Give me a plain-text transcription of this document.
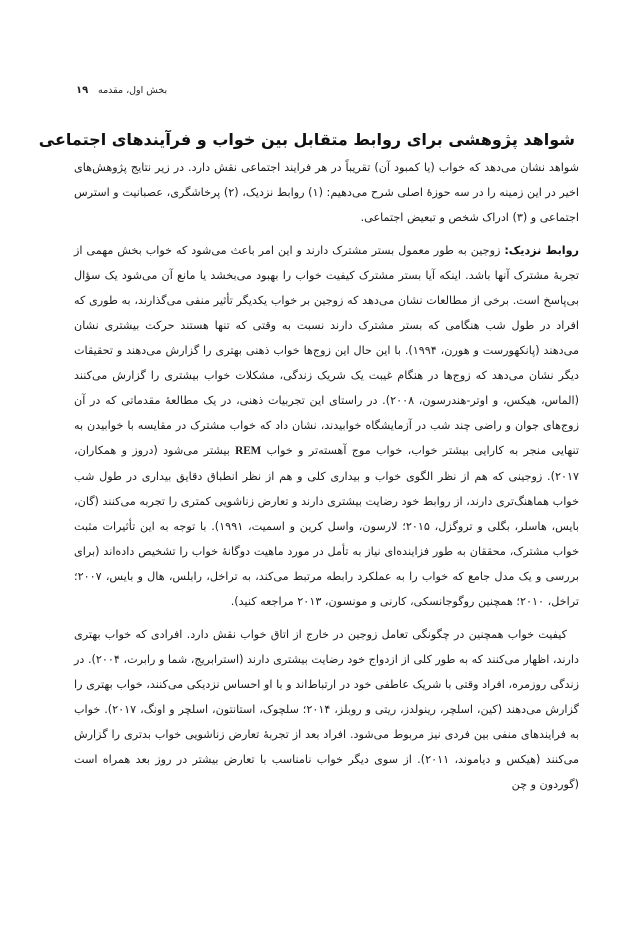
۱۹ بخش اول، مقدمه
شواهد پژوهشی برای روابط متقابل بین خواب و فرآیندهای اجتماعی

شواهد نشان می‌دهد که خواب (یا کمبود آن) تقریباً در هر فرایند اجتماعی نقش دارد. در زیر نتایج پژوهش‌های اخیر در این زمینه را در سه حوزهٔ اصلی شرح می‌دهیم: (۱) روابط نزدیک، (۲) پرخاشگری، عصبانیت و استرس اجتماعی و (۳) ادراک شخص و تبعیض اجتماعی.

روابط نزدیک: زوجین به طور معمول بستر مشترک دارند و این امر باعث می‌شود که خواب بخش مهمی از تجربهٔ مشترک آنها باشد. اینکه آیا بستر مشترک کیفیت خواب را بهبود می‌بخشد یا مانع آن می‌شود یک سؤال بی‌پاسخ است. برخی از مطالعات نشان می‌دهد که زوجین بر خواب یکدیگر تأثیر منفی می‌گذارند، به طوری که افراد در طول شب هنگامی که بستر مشترک دارند نسبت به وقتی که تنها هستند حرکت بیشتری نشان می‌دهند (پانکهورست و هورن، ۱۹۹۴). با این حال این زوج‌ها خواب ذهنی بهتری را گزارش می‌دهند و تحقیقات دیگر نشان می‌دهد که زوج‌ها در هنگام غیبت یک شریک زندگی، مشکلات خواب بیشتری را گزارش می‌کنند (الماس، هیکس، و اوتر-هندرسون، ۲۰۰۸). در راستای این تجربیات ذهنی، در یک مطالعهٔ مقدماتی که در آن زوج‌های جوان و راضی چند شب در آزمایشگاه خوابیدند، نشان داد که خواب مشترک در مقایسه با خوابیدن به تنهایی منجر به کارایی بیشتر خواب، خواب موج آهسته‌تر و خواب REM بیشتر می‌شود (دروز و همکاران، ۲۰۱۷). زوجینی که هم از نظر الگوی خواب و بیداری کلی و هم از نظر انطباق دقایق بیداری در طول شب خواب هماهنگ‌تری دارند، از روابط خود رضایت بیشتری دارند و تعارض زناشویی کمتری را تجربه می‌کنند (گان، بایس، هاسلر، بگلی و تروگزل، ۲۰۱۵؛ لارسون، واسل کرین و اسمیت، ۱۹۹۱). با توجه به این تأثیرات مثبت خواب مشترک، محققان به طور فزاینده‌ای نیاز به تأمل در مورد ماهیت دوگانهٔ خواب را تشخیص داده‌اند (برای بررسی و یک مدل جامع که خواب را به عملکرد رابطه مرتبط می‌کند، به تراخل، رابلس، هال و بایس، ۲۰۰۷؛ تراخل، ۲۰۱۰؛ همچنین روگوجانسکی، کارنی و مونسون، ۲۰۱۳ مراجعه کنید).

کیفیت خواب همچنین در چگونگی تعامل زوجین در خارج از اتاق خواب نقش دارد. افرادی که خواب بهتری دارند، اظهار می‌کنند که به طور کلی از ازدواج خود رضایت بیشتری دارند (استرابریج، شما و رابرت، ۲۰۰۴). در زندگی روزمره، افراد وقتی با شریک عاطفی خود در ارتباط‌اند و با او احساس نزدیکی می‌کنند، خواب بهتری را گزارش می‌دهند (کین، اسلچر، رینولدز، ریتی و روبلز، ۲۰۱۴؛ سلچوک، استانتون، اسلچر و اونگ، ۲۰۱۷). خواب به فرایندهای منفی بین فردی نیز مربوط می‌شود. افراد بعد از تجربهٔ تعارض زناشویی خواب بدتری را گزارش می‌کنند (هیکس و دیاموند، ۲۰۱۱). از سوی دیگر خواب نامناسب با تعارض بیشتر در روز بعد همراه است (گوردون و چن
